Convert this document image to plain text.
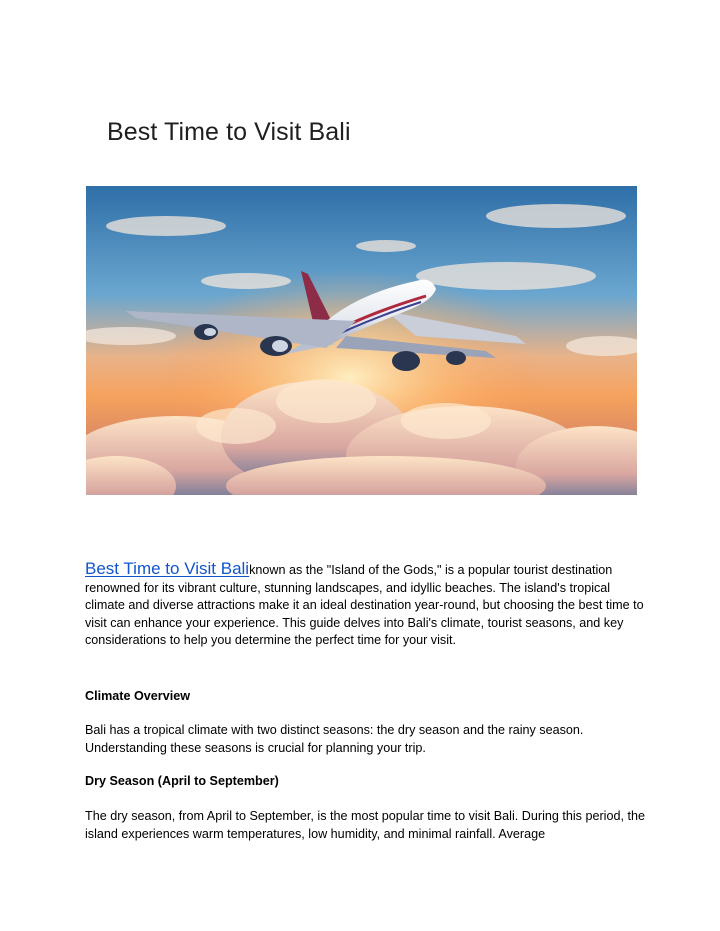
Best Time to Visit Bali
Best Time to Visit Baliknown as the "Island of the Gods," is a popular tourist destination renowned for its vibrant culture, stunning landscapes, and idyllic beaches. The island's tropical climate and diverse attractions make it an ideal destination year-round, but choosing the best time to visit can enhance your experience. This guide delves into Bali's climate, tourist seasons, and key considerations to help you determine the perfect time for your visit.
Climate Overview
Bali has a tropical climate with two distinct seasons: the dry season and the rainy season. Understanding these seasons is crucial for planning your trip.
Dry Season (April to September)
The dry season, from April to September, is the most popular time to visit Bali. During this period, the island experiences warm temperatures, low humidity, and minimal rainfall. Average
